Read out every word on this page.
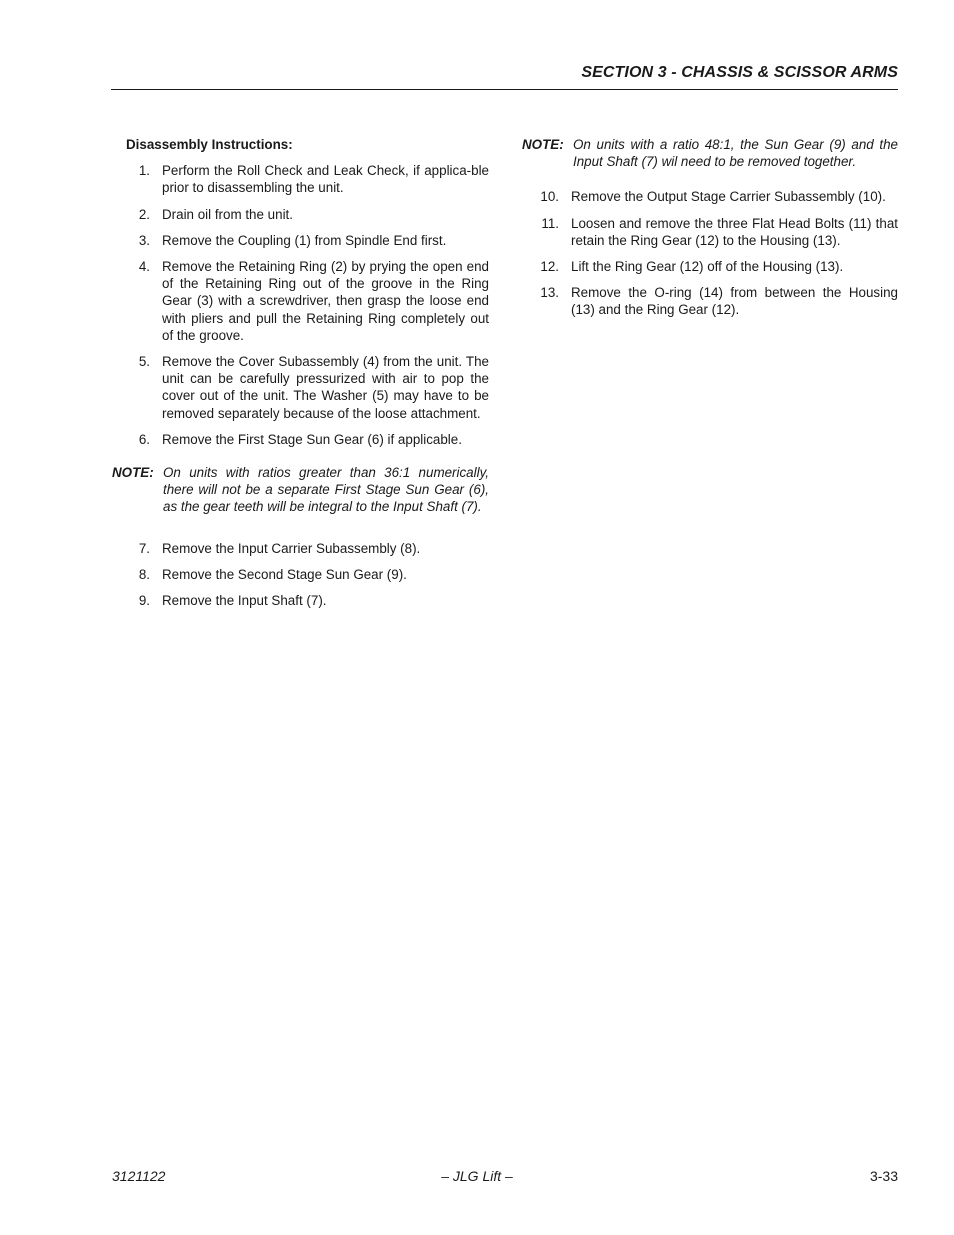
SECTION 3 - CHASSIS & SCISSOR ARMS
Disassembly Instructions:
1. Perform the Roll Check and Leak Check, if applica-ble prior to disassembling the unit.
2. Drain oil from the unit.
3. Remove the Coupling (1) from Spindle End first.
4. Remove the Retaining Ring (2) by prying the open end of the Retaining Ring out of the groove in the Ring Gear (3) with a screwdriver, then grasp the loose end with pliers and pull the Retaining Ring completely out of the groove.
5. Remove the Cover Subassembly (4) from the unit. The unit can be carefully pressurized with air to pop the cover out of the unit. The Washer (5) may have to be removed separately because of the loose attachment.
6. Remove the First Stage Sun Gear (6) if applicable.
NOTE: On units with ratios greater than 36:1 numerically, there will not be a separate First Stage Sun Gear (6), as the gear teeth will be integral to the Input Shaft (7).
7. Remove the Input Carrier Subassembly (8).
8. Remove the Second Stage Sun Gear (9).
9. Remove the Input Shaft (7).
NOTE: On units with a ratio 48:1, the Sun Gear (9) and the Input Shaft (7) wil need to be removed together.
10. Remove the Output Stage Carrier Subassembly (10).
11. Loosen and remove the three Flat Head Bolts (11) that retain the Ring Gear (12) to the Housing (13).
12. Lift the Ring Gear (12) off of the Housing (13).
13. Remove the O-ring (14) from between the Housing (13) and the Ring Gear (12).
3121122	– JLG Lift –	3-33
